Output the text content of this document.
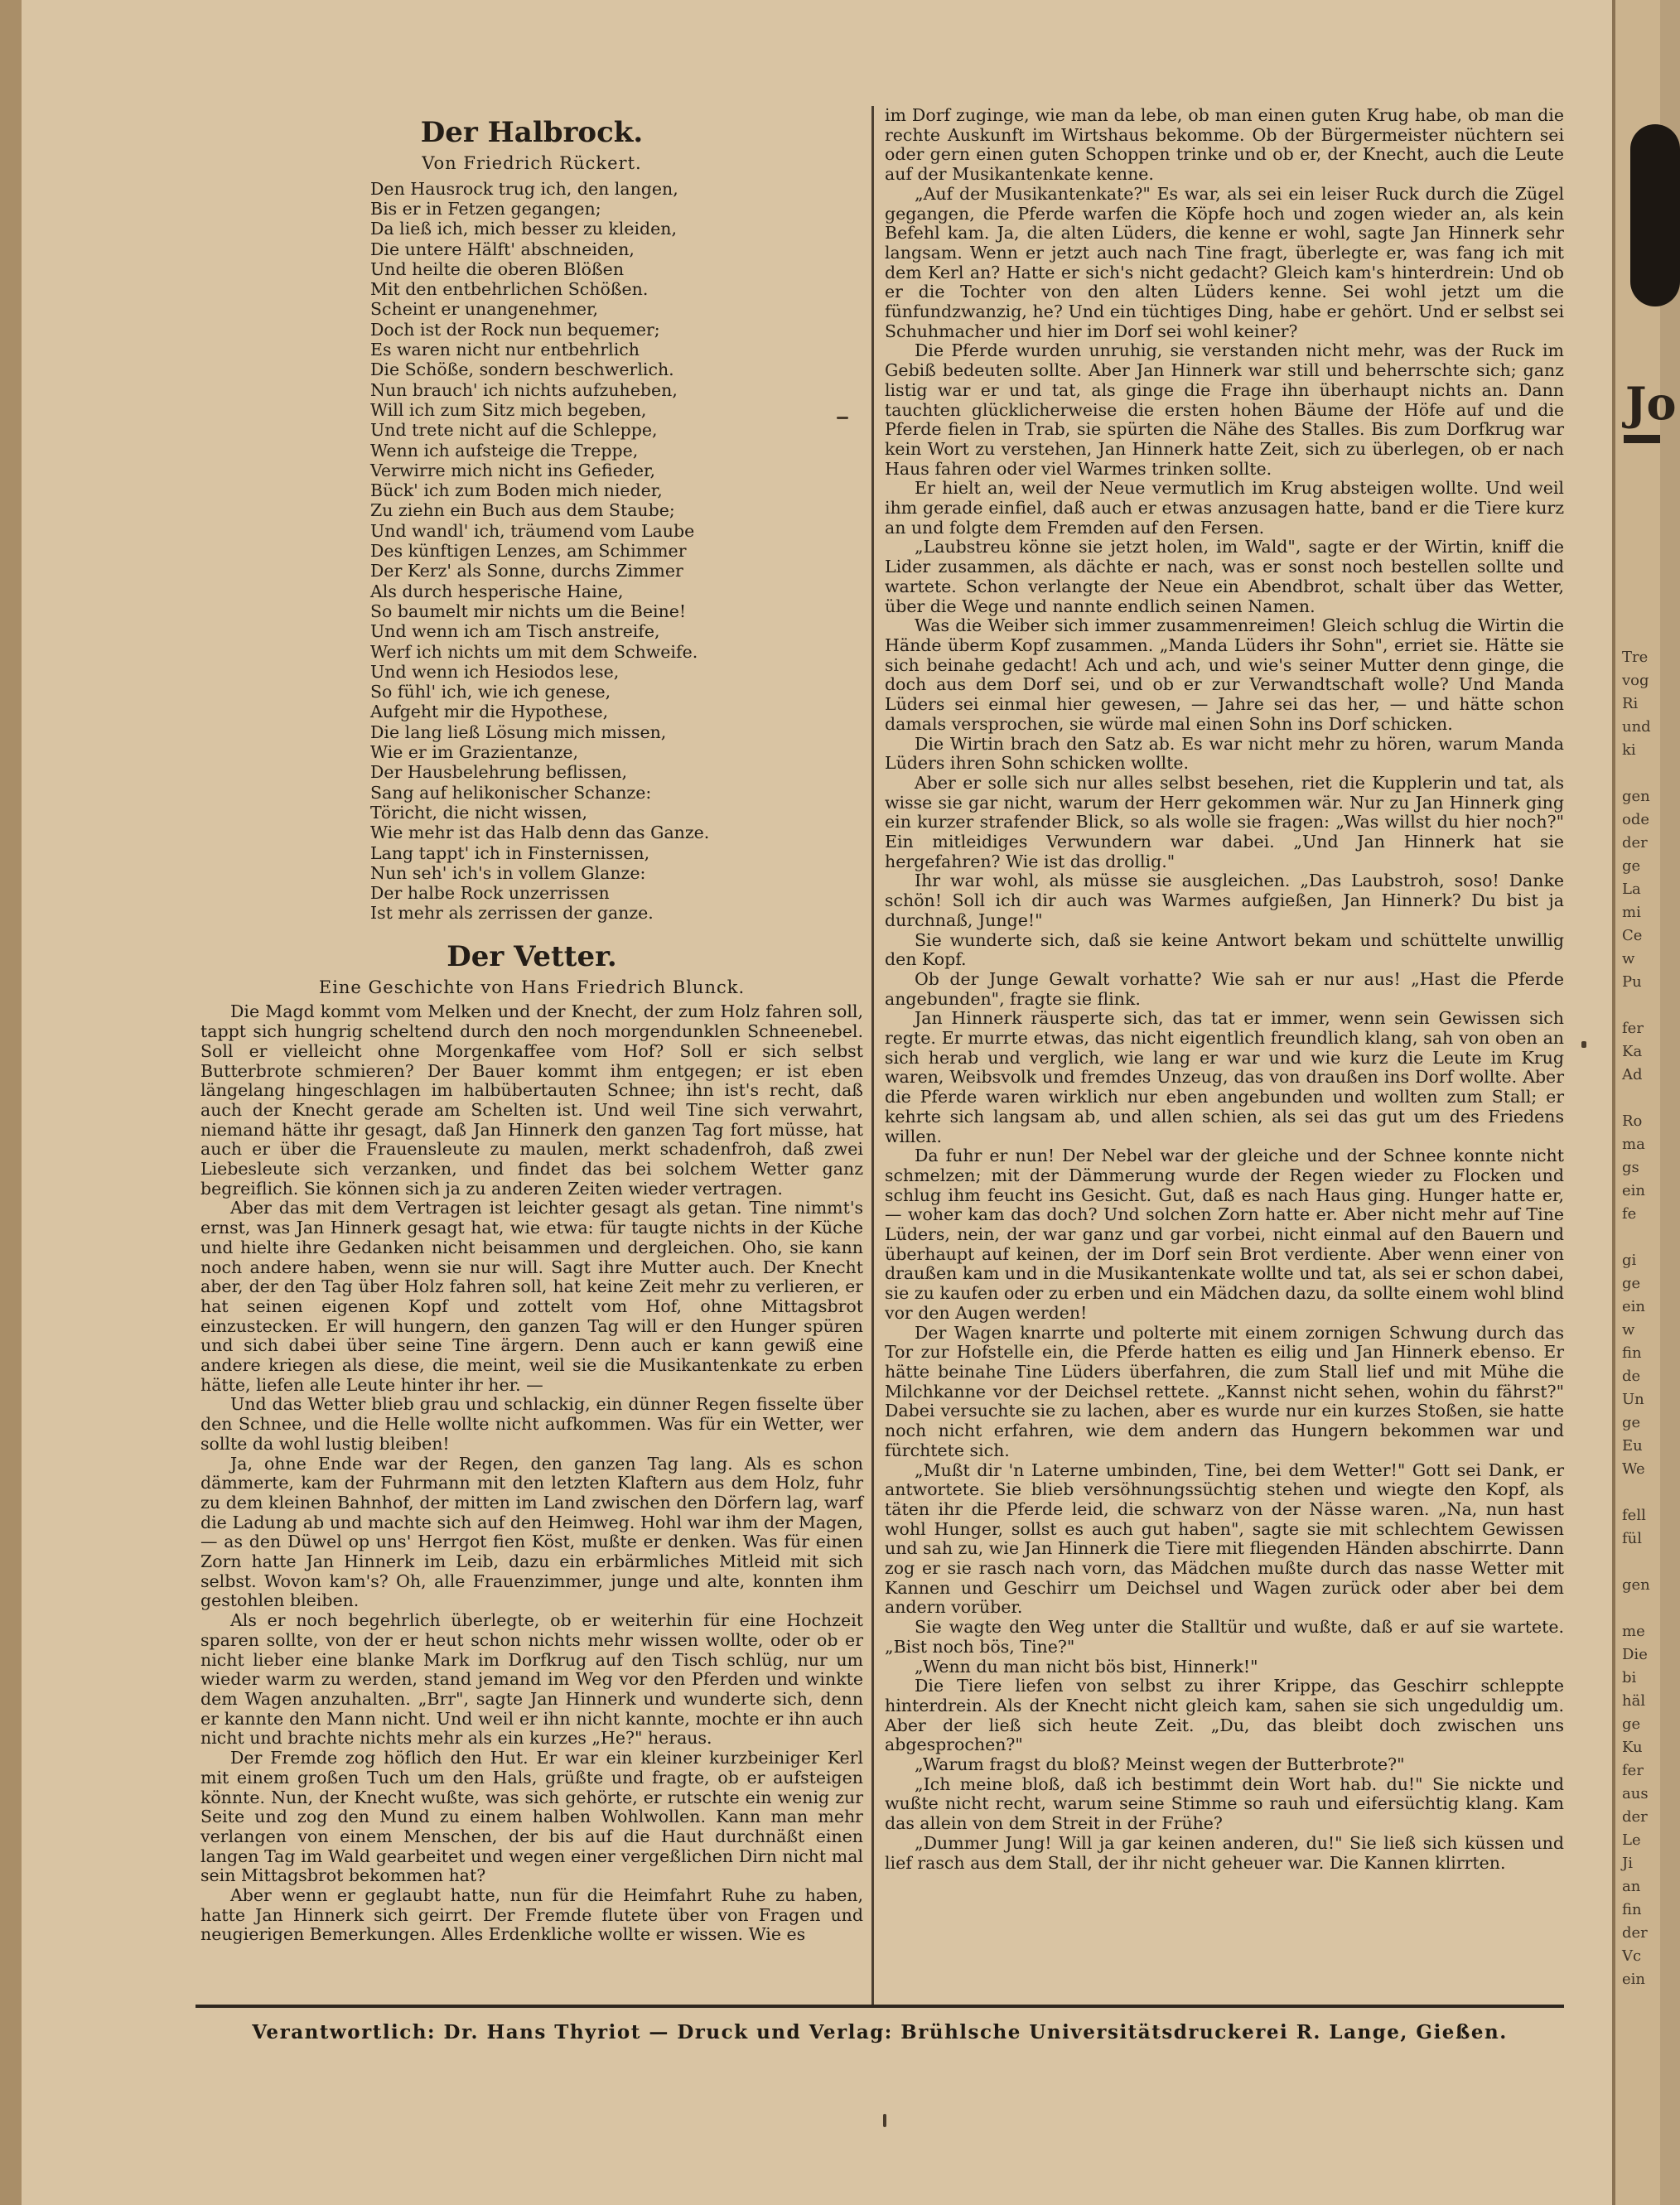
Jo
Tre
vog
Ri
und
ki
gen
ode
der
ge
La
mi
Ce
w
Pu
fer
Ka
Ad
Ro
ma
gs
ein
fe
gi
ge
ein
w
fin
de
Un
ge
Eu
We
fell
fül
gen
me
Die
bi
häl
ge
Ku
fer
aus
der
Le
Ji
an
fin
der
Vc
ein
Der Halbrock.
Von Friedrich Rückert.
Den Hausrock trug ich, den langen,
Bis er in Fetzen gegangen;
Da ließ ich, mich besser zu kleiden,
Die untere Hälft' abschneiden,
Und heilte die oberen Blößen
Mit den entbehrlichen Schößen.
Scheint er unangenehmer,
Doch ist der Rock nun bequemer;
Es waren nicht nur entbehrlich
Die Schöße, sondern beschwerlich.
Nun brauch' ich nichts aufzuheben,
Will ich zum Sitz mich begeben,
Und trete nicht auf die Schleppe,
Wenn ich aufsteige die Treppe,
Verwirre mich nicht ins Gefieder,
Bück' ich zum Boden mich nieder,
Zu ziehn ein Buch aus dem Staube;
Und wandl' ich, träumend vom Laube
Des künftigen Lenzes, am Schimmer
Der Kerz' als Sonne, durchs Zimmer
Als durch hesperische Haine,
So baumelt mir nichts um die Beine!
Und wenn ich am Tisch anstreife,
Werf ich nichts um mit dem Schweife.
Und wenn ich Hesiodos lese,
So fühl' ich, wie ich genese,
Aufgeht mir die Hypothese,
Die lang ließ Lösung mich missen,
Wie er im Grazientanze,
Der Hausbelehrung beflissen,
Sang auf helikonischer Schanze:
Töricht, die nicht wissen,
Wie mehr ist das Halb denn das Ganze.
Lang tappt' ich in Finsternissen,
Nun seh' ich's in vollem Glanze:
Der halbe Rock unzerrissen
Ist mehr als zerrissen der ganze.
Der Vetter.
Eine Geschichte von Hans Friedrich Blunck.

Die Magd kommt vom Melken und der Knecht, der zum Holz fahren soll, tappt sich hungrig scheltend durch den noch morgendunklen Schneenebel. Soll er vielleicht ohne Morgenkaffee vom Hof? Soll er sich selbst Butterbrote schmieren? Der Bauer kommt ihm entgegen; er ist eben längelang hingeschlagen im halbübertauten Schnee; ihn ist's recht, daß auch der Knecht gerade am Schelten ist. Und weil Tine sich verwahrt, niemand hätte ihr gesagt, daß Jan Hinnerk den ganzen Tag fort müsse, hat auch er über die Frauensleute zu maulen, merkt schadenfroh, daß zwei Liebesleute sich verzanken, und findet das bei solchem Wetter ganz begreiflich. Sie können sich ja zu anderen Zeiten wieder vertragen.

Aber das mit dem Vertragen ist leichter gesagt als getan. Tine nimmt's ernst, was Jan Hinnerk gesagt hat, wie etwa: für taugte nichts in der Küche und hielte ihre Gedanken nicht beisammen und dergleichen. Oho, sie kann noch andere haben, wenn sie nur will. Sagt ihre Mutter auch. Der Knecht aber, der den Tag über Holz fahren soll, hat keine Zeit mehr zu verlieren, er hat seinen eigenen Kopf und zottelt vom Hof, ohne Mittagsbrot einzustecken. Er will hungern, den ganzen Tag will er den Hunger spüren und sich dabei über seine Tine ärgern. Denn auch er kann gewiß eine andere kriegen als diese, die meint, weil sie die Musikantenkate zu erben hätte, liefen alle Leute hinter ihr her. —

Und das Wetter blieb grau und schlackig, ein dünner Regen fisselte über den Schnee, und die Helle wollte nicht aufkommen. Was für ein Wetter, wer sollte da wohl lustig bleiben!

Ja, ohne Ende war der Regen, den ganzen Tag lang. Als es schon dämmerte, kam der Fuhrmann mit den letzten Klaftern aus dem Holz, fuhr zu dem kleinen Bahnhof, der mitten im Land zwischen den Dörfern lag, warf die Ladung ab und machte sich auf den Heimweg. Hohl war ihm der Magen, — as den Düwel op uns' Herrgot fien Köst, mußte er denken. Was für einen Zorn hatte Jan Hinnerk im Leib, dazu ein erbärmliches Mitleid mit sich selbst. Wovon kam's? Oh, alle Frauenzimmer, junge und alte, konnten ihm gestohlen bleiben.

Als er noch begehrlich überlegte, ob er weiterhin für eine Hochzeit sparen sollte, von der er heut schon nichts mehr wissen wollte, oder ob er nicht lieber eine blanke Mark im Dorfkrug auf den Tisch schlüg, nur um wieder warm zu werden, stand jemand im Weg vor den Pferden und winkte dem Wagen anzuhalten. „Brr", sagte Jan Hinnerk und wunderte sich, denn er kannte den Mann nicht. Und weil er ihn nicht kannte, mochte er ihn auch nicht und brachte nichts mehr als ein kurzes „He?" heraus.

Der Fremde zog höflich den Hut. Er war ein kleiner kurzbeiniger Kerl mit einem großen Tuch um den Hals, grüßte und fragte, ob er aufsteigen könnte. Nun, der Knecht wußte, was sich gehörte, er rutschte ein wenig zur Seite und zog den Mund zu einem halben Wohlwollen. Kann man mehr verlangen von einem Menschen, der bis auf die Haut durchnäßt einen langen Tag im Wald gearbeitet und wegen einer vergeßlichen Dirn nicht mal sein Mittagsbrot bekommen hat?

Aber wenn er geglaubt hatte, nun für die Heimfahrt Ruhe zu haben, hatte Jan Hinnerk sich geirrt. Der Fremde flutete über von Fragen und neugierigen Bemerkungen. Alles Erdenkliche wollte er wissen. Wie es

im Dorf zuginge, wie man da lebe, ob man einen guten Krug habe, ob man die rechte Auskunft im Wirtshaus bekomme. Ob der Bürgermeister nüchtern sei oder gern einen guten Schoppen trinke und ob er, der Knecht, auch die Leute auf der Musikantenkate kenne.

„Auf der Musikantenkate?" Es war, als sei ein leiser Ruck durch die Zügel gegangen, die Pferde warfen die Köpfe hoch und zogen wieder an, als kein Befehl kam. Ja, die alten Lüders, die kenne er wohl, sagte Jan Hinnerk sehr langsam. Wenn er jetzt auch nach Tine fragt, überlegte er, was fang ich mit dem Kerl an? Hatte er sich's nicht gedacht? Gleich kam's hinterdrein: Und ob er die Tochter von den alten Lüders kenne. Sei wohl jetzt um die fünfundzwanzig, he? Und ein tüchtiges Ding, habe er gehört. Und er selbst sei Schuhmacher und hier im Dorf sei wohl keiner?

Die Pferde wurden unruhig, sie verstanden nicht mehr, was der Ruck im Gebiß bedeuten sollte. Aber Jan Hinnerk war still und beherrschte sich; ganz listig war er und tat, als ginge die Frage ihn überhaupt nichts an. Dann tauchten glücklicherweise die ersten hohen Bäume der Höfe auf und die Pferde fielen in Trab, sie spürten die Nähe des Stalles. Bis zum Dorfkrug war kein Wort zu verstehen, Jan Hinnerk hatte Zeit, sich zu überlegen, ob er nach Haus fahren oder viel Warmes trinken sollte.

Er hielt an, weil der Neue vermutlich im Krug absteigen wollte. Und weil ihm gerade einfiel, daß auch er etwas anzusagen hatte, band er die Tiere kurz an und folgte dem Fremden auf den Fersen.

„Laubstreu könne sie jetzt holen, im Wald", sagte er der Wirtin, kniff die Lider zusammen, als dächte er nach, was er sonst noch bestellen sollte und wartete. Schon verlangte der Neue ein Abendbrot, schalt über das Wetter, über die Wege und nannte endlich seinen Namen.

Was die Weiber sich immer zusammenreimen! Gleich schlug die Wirtin die Hände überm Kopf zusammen. „Manda Lüders ihr Sohn", erriet sie. Hätte sie sich beinahe gedacht! Ach und ach, und wie's seiner Mutter denn ginge, die doch aus dem Dorf sei, und ob er zur Verwandtschaft wolle? Und Manda Lüders sei einmal hier gewesen, — Jahre sei das her, — und hätte schon damals versprochen, sie würde mal einen Sohn ins Dorf schicken.

Die Wirtin brach den Satz ab. Es war nicht mehr zu hören, warum Manda Lüders ihren Sohn schicken wollte.

Aber er solle sich nur alles selbst besehen, riet die Kupplerin und tat, als wisse sie gar nicht, warum der Herr gekommen wär. Nur zu Jan Hinnerk ging ein kurzer strafender Blick, so als wolle sie fragen: „Was willst du hier noch?" Ein mitleidiges Verwundern war dabei. „Und Jan Hinnerk hat sie hergefahren? Wie ist das drollig."

Ihr war wohl, als müsse sie ausgleichen. „Das Laubstroh, soso! Danke schön! Soll ich dir auch was Warmes aufgießen, Jan Hinnerk? Du bist ja durchnaß, Junge!"

Sie wunderte sich, daß sie keine Antwort bekam und schüttelte unwillig den Kopf.

Ob der Junge Gewalt vorhatte? Wie sah er nur aus! „Hast die Pferde angebunden", fragte sie flink.

Jan Hinnerk räusperte sich, das tat er immer, wenn sein Gewissen sich regte. Er murrte etwas, das nicht eigentlich freundlich klang, sah von oben an sich herab und verglich, wie lang er war und wie kurz die Leute im Krug waren, Weibsvolk und fremdes Unzeug, das von draußen ins Dorf wollte. Aber die Pferde waren wirklich nur eben angebunden und wollten zum Stall; er kehrte sich langsam ab, und allen schien, als sei das gut um des Friedens willen.

Da fuhr er nun! Der Nebel war der gleiche und der Schnee konnte nicht schmelzen; mit der Dämmerung wurde der Regen wieder zu Flocken und schlug ihm feucht ins Gesicht. Gut, daß es nach Haus ging. Hunger hatte er, — woher kam das doch? Und solchen Zorn hatte er. Aber nicht mehr auf Tine Lüders, nein, der war ganz und gar vorbei, nicht einmal auf den Bauern und überhaupt auf keinen, der im Dorf sein Brot verdiente. Aber wenn einer von draußen kam und in die Musikantenkate wollte und tat, als sei er schon dabei, sie zu kaufen oder zu erben und ein Mädchen dazu, da sollte einem wohl blind vor den Augen werden!

Der Wagen knarrte und polterte mit einem zornigen Schwung durch das Tor zur Hofstelle ein, die Pferde hatten es eilig und Jan Hinnerk ebenso. Er hätte beinahe Tine Lüders überfahren, die zum Stall lief und mit Mühe die Milchkanne vor der Deichsel rettete. „Kannst nicht sehen, wohin du fährst?" Dabei versuchte sie zu lachen, aber es wurde nur ein kurzes Stoßen, sie hatte noch nicht erfahren, wie dem andern das Hungern bekommen war und fürchtete sich.

„Mußt dir 'n Laterne umbinden, Tine, bei dem Wetter!" Gott sei Dank, er antwortete. Sie blieb versöhnungssüchtig stehen und wiegte den Kopf, als täten ihr die Pferde leid, die schwarz von der Nässe waren. „Na, nun hast wohl Hunger, sollst es auch gut haben", sagte sie mit schlechtem Gewissen und sah zu, wie Jan Hinnerk die Tiere mit fliegenden Händen abschirrte. Dann zog er sie rasch nach vorn, das Mädchen mußte durch das nasse Wetter mit Kannen und Geschirr um Deichsel und Wagen zurück oder aber bei dem andern vorüber.

Sie wagte den Weg unter die Stalltür und wußte, daß er auf sie wartete. „Bist noch bös, Tine?"

„Wenn du man nicht bös bist, Hinnerk!"

Die Tiere liefen von selbst zu ihrer Krippe, das Geschirr schleppte hinterdrein. Als der Knecht nicht gleich kam, sahen sie sich ungeduldig um. Aber der ließ sich heute Zeit. „Du, das bleibt doch zwischen uns abgesprochen?"

„Warum fragst du bloß? Meinst wegen der Butterbrote?"

„Ich meine bloß, daß ich bestimmt dein Wort hab. du!" Sie nickte und wußte nicht recht, warum seine Stimme so rauh und eifersüchtig klang. Kam das allein von dem Streit in der Frühe?

„Dummer Jung! Will ja gar keinen anderen, du!" Sie ließ sich küssen und lief rasch aus dem Stall, der ihr nicht geheuer war. Die Kannen klirrten.

Verantwortlich: Dr. Hans Thyriot — Druck und Verlag: Brühlsche Universitätsdruckerei R. Lange, Gießen.
